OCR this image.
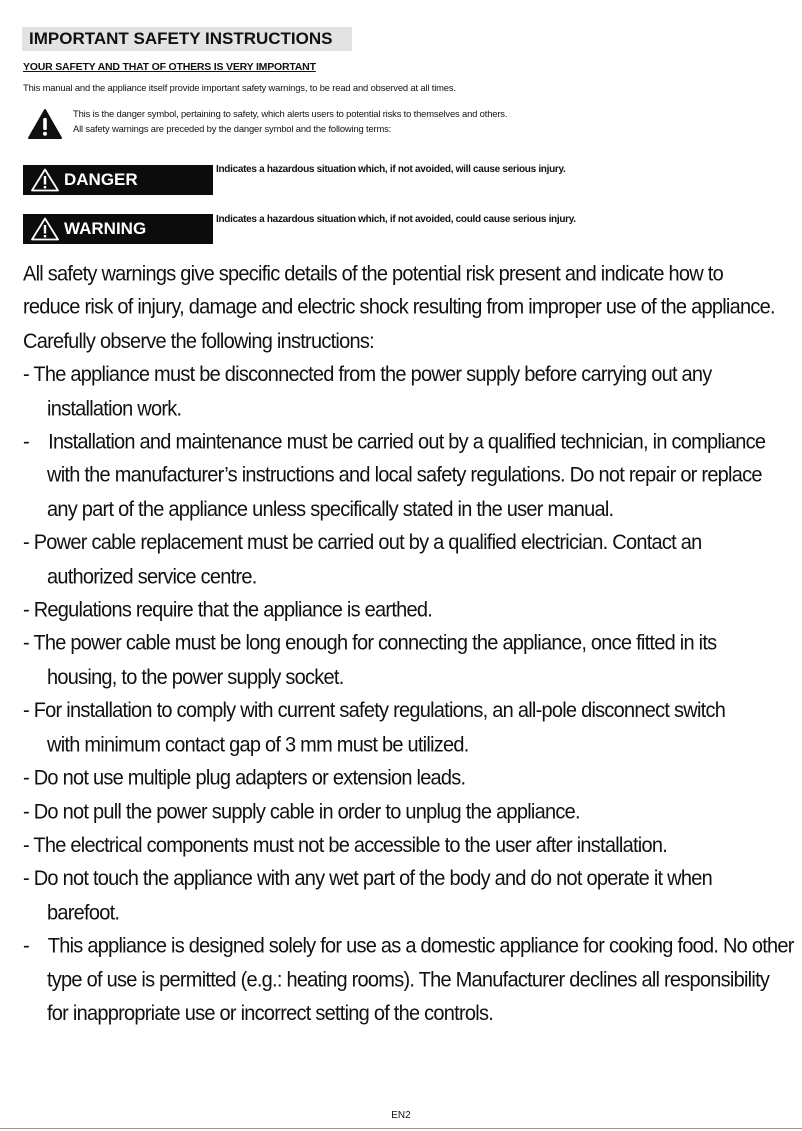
IMPORTANT SAFETY INSTRUCTIONS
YOUR SAFETY AND THAT OF OTHERS IS VERY IMPORTANT
This manual and the appliance itself provide important safety warnings, to be read and observed at all times.
This is the danger symbol, pertaining to safety, which alerts users to potential risks to themselves and others.
All safety warnings are preceded by the danger symbol and the following terms:
DANGER
Indicates a hazardous situation which, if not avoided, will cause serious injury.
WARNING	Indicates a hazardous situation which, if not avoided, could cause serious injury.

All safety warnings give specific details of the potential risk present and indicate how to

reduce risk of injury, damage and electric shock resulting from improper use of the appliance.

Carefully observe the following instructions:

- The appliance must be disconnected from the power supply before carrying out any
installation work.
-    Installation and maintenance must be carried out by a qualified technician, in compliance
with the manufacturer’s instructions and local safety regulations. Do not repair or replace
any part of the appliance unless specifically stated in the user manual.
- Power cable replacement must be carried out by a qualified electrician. Contact an
authorized service centre.
- Regulations require that the appliance is earthed.
- The power cable must be long enough for connecting the appliance, once fitted in its
housing, to the power supply socket.
- For installation to comply with current safety regulations, an all-pole disconnect switch
with minimum contact gap of 3 mm must be utilized.
- Do not use multiple plug adapters or extension leads.
- Do not pull the power supply cable in order to unplug the appliance.
- The electrical components must not be accessible to the user after installation.
- Do not touch the appliance with any wet part of the body and do not operate it when
barefoot.
-    This appliance is designed solely for use as a domestic appliance for cooking food. No other
type of use is permitted (e.g.: heating rooms). The Manufacturer declines all responsibility
for inappropriate use or incorrect setting of the controls.
EN2
